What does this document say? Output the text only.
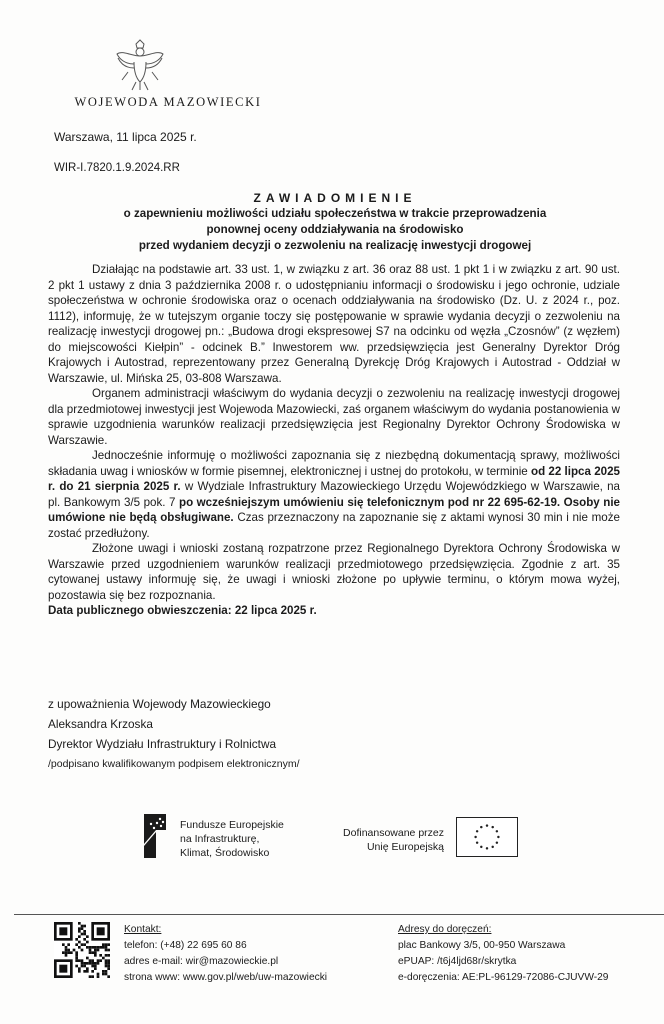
WOJEWODA MAZOWIECKI
Warszawa, 11 lipca 2025 r.
WIR-I.7820.1.9.2024.RR
ZAWIADOMIENIE
o zapewnieniu możliwości udziału społeczeństwa w trakcie przeprowadzenia
ponownej oceny oddziaływania na środowisko
przed wydaniem decyzji o zezwoleniu na realizację inwestycji drogowej

Działając na podstawie art. 33 ust. 1, w związku z art. 36 oraz 88 ust. 1 pkt 1 i w związku z art. 90 ust. 2 pkt 1 ustawy z dnia 3 października 2008 r. o udostępnianiu informacji o środowisku i jego ochronie, udziale społeczeństwa w ochronie środowiska oraz o ocenach oddziaływania na środowisko (Dz. U. z 2024 r., poz. 1112), informuję, że w tutejszym organie toczy się postępowanie w sprawie wydania decyzji o zezwoleniu na realizację inwestycji drogowej pn.: „Budowa drogi ekspresowej S7 na odcinku od węzła „Czosnów” (z węzłem) do miejscowości Kiełpin” - odcinek B.” Inwestorem ww. przedsięwzięcia jest Generalny Dyrektor Dróg Krajowych i Autostrad, reprezentowany przez Generalną Dyrekcję Dróg Krajowych i Autostrad - Oddział w Warszawie, ul. Mińska 25, 03-808 Warszawa.

Organem administracji właściwym do wydania decyzji o zezwoleniu na realizację inwestycji drogowej dla przedmiotowej inwestycji jest Wojewoda Mazowiecki, zaś organem właściwym do wydania postanowienia w sprawie uzgodnienia warunków realizacji przedsięwzięcia jest Regionalny Dyrektor Ochrony Środowiska w Warszawie.

Jednocześnie informuję o możliwości zapoznania się z niezbędną dokumentacją sprawy, możliwości składania uwag i wniosków w formie pisemnej, elektronicznej i ustnej do protokołu, w terminie od 22 lipca 2025 r. do 21 sierpnia 2025 r. w Wydziale Infrastruktury Mazowieckiego Urzędu Wojewódzkiego w Warszawie, na pl. Bankowym 3/5 pok. 7 po wcześniejszym umówieniu się telefonicznym pod nr 22 695-62-19. Osoby nie umówione nie będą obsługiwane. Czas przeznaczony na zapoznanie się z aktami wynosi 30 min i nie może zostać przedłużony.

Złożone uwagi i wnioski zostaną rozpatrzone przez Regionalnego Dyrektora Ochrony Środowiska w Warszawie przed uzgodnieniem warunków realizacji przedmiotowego przedsięwzięcia. Zgodnie z art. 35 cytowanej ustawy informuję się, że uwagi i wnioski złożone po upływie terminu, o którym mowa wyżej, pozostawia się bez rozpoznania.

Data publicznego obwieszczenia: 22 lipca 2025 r.

z upoważnienia Wojewody Mazowieckiego
Aleksandra Krzoska
Dyrektor Wydziału Infrastruktury i Rolnictwa
/podpisano kwalifikowanym podpisem elektronicznym/
Fundusze Europejskie
na Infrastrukturę,
Klimat, Środowisko
Dofinansowane przez
Unię Europejską
Kontakt:
telefon: (+48) 22 695 60 86
adres e-mail: wir@mazowieckie.pl
strona www: www.gov.pl/web/uw-mazowiecki
Adresy do doręczeń:
plac Bankowy 3/5, 00-950 Warszawa
ePUAP: /t6j4ljd68r/skrytka
e-doręczenia: AE:PL-96129-72086-CJUVW-29
